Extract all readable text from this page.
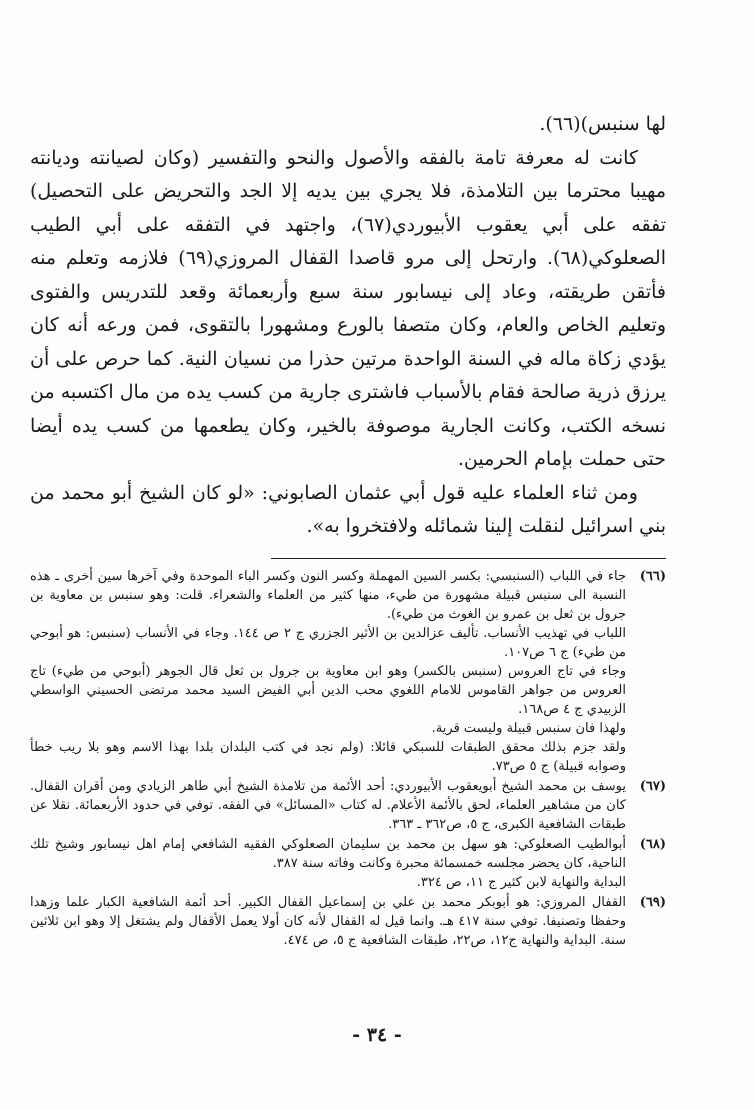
لها سنبس)(٦٦).

كانت له معرفة تامة بالفقه والأصول والنحو والتفسير (وكان لصيانته وديانته مهيبا محترما بين التلامذة، فلا يجري بين يديه إلا الجد والتحريض على التحصيل) تفقه على أبي يعقوب الأبيوردي(٦٧)، واجتهد في التفقه على أبي الطيب الصعلوكي(٦٨). وارتحل إلى مرو قاصدا القفال المروزي(٦٩) فلازمه وتعلم منه فأتقن طريقته، وعاد إلى نيسابور سنة سبع وأربعمائة وقعد للتدريس والفتوى وتعليم الخاص والعام، وكان متصفا بالورع ومشهورا بالتقوى، فمن ورعه أنه كان يؤدي زكاة ماله في السنة الواحدة مرتين حذرا من نسيان النية. كما حرص على أن يرزق ذرية صالحة فقام بالأسباب فاشترى جارية من كسب يده من مال اكتسبه من نسخه الكتب، وكانت الجارية موصوفة بالخير، وكان يطعمها من كسب يده أيضا حتى حملت بإمام الحرمين.

ومن ثناء العلماء عليه قول أبي عثمان الصابوني: «لو كان الشيخ أبو محمد من بني اسرائيل لنقلت إلينا شمائله ولافتخروا به».

(٦٦)
جاء في اللباب (السنبسي: بكسر السين المهملة وكسر النون وكسر الباء الموحدة وفي آخرها سين أخرى ـ هذه النسبة الى سنبس قبيلة مشهورة من طيء، منها كثير من العلماء والشعراء. قلت: وهو سنبس بن معاوية بن جرول بن ثعل بن عمرو بن الغوث من طيء).
اللباب في تهذيب الأنساب. تأليف عزالدين بن الأثير الجزري ج ٢ ص ١٤٤. وجاء في الأنساب (سنبس: هو أبوحي من طيء) ج ٦ ص١٠٧.
وجاء في تاج العروس (سنبس بالكسر) وهو ابن معاوية بن جرول بن ثعل قال الجوهر (أبوحي من طيء) تاج العروس من جواهر القاموس للامام اللغوي محب الدين أبي الفيض السيد محمد مرتضى الحسيني الواسطي الزبيدي ج ٤ ص١٦٨.
ولهذا فان سنبس قبيلة وليست قرية.
ولقد جزم بذلك محقق الطبقات للسبكي قائلا: (ولم نجد في كتب البلدان بلدا بهذا الاسم وهو بلا ريب خطأ وصوابه قبيلة) ج ٥ ص٧٣.
(٦٧)
يوسف بن محمد الشيخ أبويعقوب الأبيوردي: أحد الأئمة من تلامذة الشيخ أبي طاهر الزيادي ومن أقران القفال. كان من مشاهير العلماء، لحق بالأئمة الأعلام. له كتاب «المسائل» في الفقه. توفي في حدود الأربعمائة. نقلا عن طبقات الشافعية الكبرى، ج ٥، ص٣٦٢ ـ ٣٦٣.
(٦٨)
أبوالطيب الصعلوكي: هو سهل بن محمد بن سليمان الصعلوكي الفقيه الشافعي إمام اهل نيسابور وشيخ تلك الناحية، كان يحضر مجلسه خمسمائة محبرة وكانت وفاته سنة ٣٨٧.
البداية والنهاية لابن كثير ج ١١، ص ٣٢٤.
(٦٩)
القفال المروزي: هو أبوبكر محمد بن علي بن إسماعيل القفال الكبير. أحد أئمة الشافعية الكبار علما وزهدا وحفظا وتصنيفا. توفي سنة ٤١٧ هـ. وانما قيل له القفال لأنه كان أولا يعمل الأقفال ولم يشتغل إلا وهو ابن ثلاثين سنة. البداية والنهاية ج١٢، ص٢٢، طبقات الشافعية ج ٥، ص ٤٧٤.
- ٣٤ -
